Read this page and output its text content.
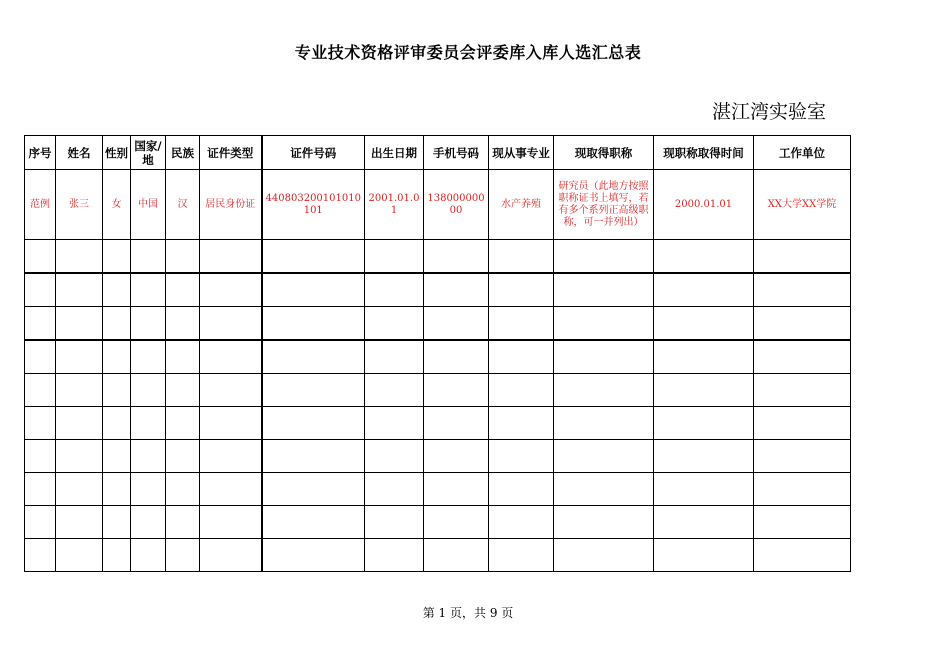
专业技术资格评审委员会评委库入库人选汇总表
湛江湾实验室
序号	姓名	性别	国家/地	民族	证件类型	证件号码	出生日期	手机号码	现从事专业	现取得职称	现职称取得时间	工作单位
范例	张三	女	中国	汉	居民身份证	440803200101010101	2001.01.01	13800000000	水产养殖	研究员（此地方按照职称证书上填写，若有多个系列正高级职称，可一并列出）	2000.01.01	XX大学XX学院

第 1 页，共 9 页
